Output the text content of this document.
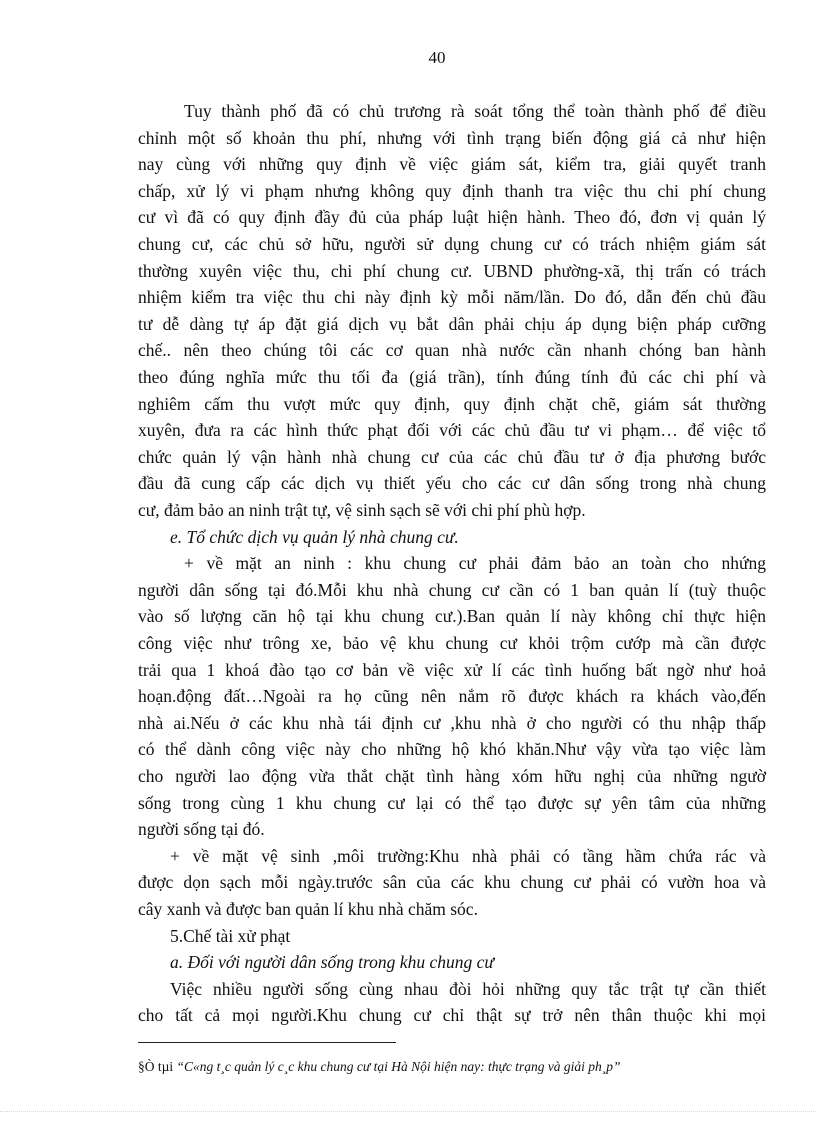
40
Tuy thành phố đã có chủ trương rà soát tổng thể toàn thành phố để điều
chỉnh một số khoản thu phí, nhưng với tình trạng biến động giá cả như hiện
nay cùng với những quy định về việc giám sát, kiểm tra, giải quyết tranh
chấp, xử lý vi phạm nhưng không quy định thanh tra việc thu chi phí chung
cư vì đã có quy định đầy đủ của pháp luật hiện hành. Theo đó, đơn vị quản lý
chung cư, các chủ sở hữu, người sử dụng chung cư có trách nhiệm giám sát
thường xuyên việc thu, chi phí chung cư. UBND phường-xã, thị trấn có trách
nhiệm kiểm tra việc thu chi này định kỳ mỗi năm/lần. Do đó, dẫn đến chủ đầu
tư dễ dàng tự áp đặt giá dịch vụ bắt dân phải chịu áp dụng biện pháp cưỡng
chế.. nên theo chúng tôi các cơ quan nhà nước cần nhanh chóng ban hành
theo đúng nghĩa mức thu tối đa (giá trần), tính đúng tính đủ các chi phí và
nghiêm cấm thu vượt mức quy định, quy định chặt chẽ, giám sát thường
xuyên, đưa ra các hình thức phạt đối với các chủ đầu tư vi phạm… để việc tổ
chức quản lý vận hành nhà chung cư của các chủ đầu tư ở địa phương bước
đầu đã cung cấp các dịch vụ thiết yếu cho các cư dân sống trong nhà chung
cư, đảm bảo an ninh trật tự, vệ sinh sạch sẽ với chi phí phù hợp.
e. Tổ chức dịch vụ quản lý nhà chung cư.
+ về mặt an ninh : khu chung cư phải đảm bảo an toàn cho nhứng
người dân sống tại đó.Mỗi khu nhà chung cư cần có 1 ban quản lí (tuỳ thuộc
vào số lượng căn hộ tại khu chung cư.).Ban quản lí này không chỉ thực hiện
công việc như trông xe, bảo vệ khu chung cư khỏi trộm cướp mà cần được
trải qua 1 khoá đào tạo cơ bản về việc xử lí các tình huống bất ngờ như hoả
hoạn.động đất…Ngoài ra họ cũng nên nắm rõ được khách ra khách vào,đến
nhà ai.Nếu ở các khu nhà tái định cư ,khu nhà ở cho người có thu nhập thấp
có thể dành công việc này cho những hộ khó khăn.Như vậy vừa tạo việc làm
cho người lao động vừa thắt chặt tình hàng xóm hữu nghị của những ngườ
sống trong cùng 1 khu chung cư lại có thể tạo được sự yên tâm của những
người sống tại đó.
+ về mặt vệ sinh ,môi trường:Khu nhà phải có tầng hầm chứa rác và
được dọn sạch mỗi ngày.trước sân của các khu chung cư phải có vườn hoa và
cây xanh và được ban quản lí khu nhà chăm sóc.
5.Chế tài xử phạt
a. Đối với người dân sống trong khu chung cư
Việc nhiều người sống cùng nhau đòi hỏi những quy tắc trật tự cần thiết
cho tất cả mọi người.Khu chung cư chỉ thật sự trở nên thân thuộc khi mọi
§Ò tµi “C«ng t¸c quản lý c¸c khu chung cư tại Hà Nội hiện nay: thực trạng và giải ph¸p”
